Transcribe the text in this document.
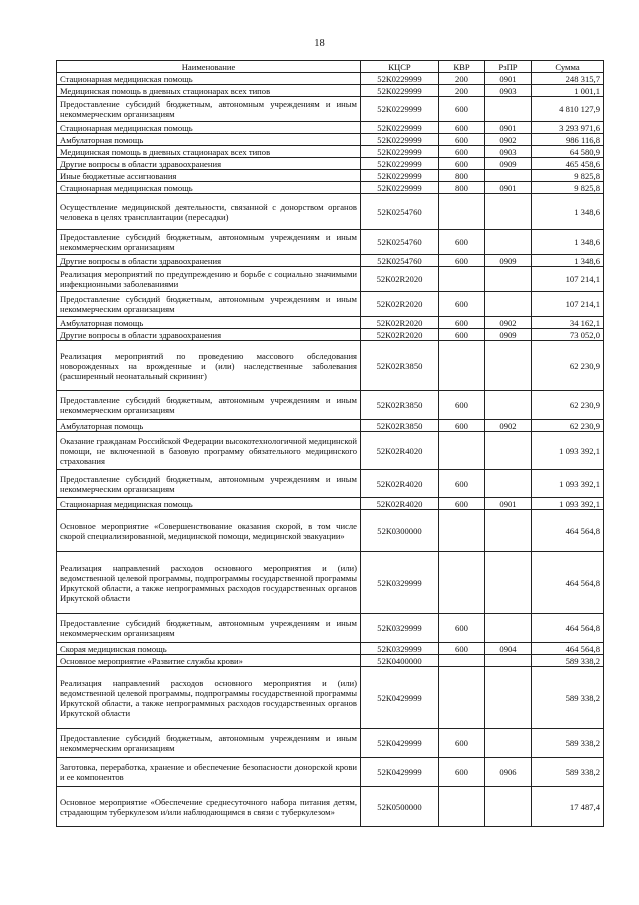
18
Наименование	КЦСР	КВР	РзПР	Сумма
Стационарная медицинская помощь	52К0229999	200	0901	248 315,7
Медицинская помощь в дневных стационарах всех типов	52К0229999	200	0903	1 001,1
Предоставление субсидий бюджетным, автономным учреждениям и иным некоммерческим организациям	52К0229999	600		4 810 127,9
Стационарная медицинская помощь	52К0229999	600	0901	3 293 971,6
Амбулаторная помощь	52К0229999	600	0902	986 116,8
Медицинская помощь в дневных стационарах всех типов	52К0229999	600	0903	64 580,9
Другие вопросы в области здравоохранения	52К0229999	600	0909	465 458,6
Иные бюджетные ассигнования	52К0229999	800		9 825,8
Стационарная медицинская помощь	52К0229999	800	0901	9 825,8
Осуществление медицинской деятельности, связанной с донорством органов человека в целях трансплантации (пересадки)	52К0254760			1 348,6
Предоставление субсидий бюджетным, автономным учреждениям и иным некоммерческим организациям	52К0254760	600		1 348,6
Другие вопросы в области здравоохранения	52К0254760	600	0909	1 348,6
Реализация мероприятий по предупреждению и борьбе с социально значимыми инфекционными заболеваниями	52К02R2020			107 214,1
Предоставление субсидий бюджетным, автономным учреждениям и иным некоммерческим организациям	52К02R2020	600		107 214,1
Амбулаторная помощь	52К02R2020	600	0902	34 162,1
Другие вопросы в области здравоохранения	52К02R2020	600	0909	73 052,0
Реализация мероприятий по проведению массового обследования новорожденных на врожденные и (или) наследственные заболевания (расширенный неонатальный скрининг)	52К02R3850			62 230,9
Предоставление субсидий бюджетным, автономным учреждениям и иным некоммерческим организациям	52К02R3850	600		62 230,9
Амбулаторная помощь	52К02R3850	600	0902	62 230,9
Оказание гражданам Российской Федерации высокотехнологичной медицинской помощи, не включенной в базовую программу обязательного медицинского страхования	52К02R4020			1 093 392,1
Предоставление субсидий бюджетным, автономным учреждениям и иным некоммерческим организациям	52К02R4020	600		1 093 392,1
Стационарная медицинская помощь	52К02R4020	600	0901	1 093 392,1
Основное мероприятие «Совершенствование оказания скорой, в том числе скорой специализированной, медицинской помощи, медицинской эвакуации»	52К0300000			464 564,8
Реализация направлений расходов основного мероприятия и (или) ведомственной целевой программы, подпрограммы государственной программы Иркутской области, а также непрограммных расходов государственных органов Иркутской области	52К0329999			464 564,8
Предоставление субсидий бюджетным, автономным учреждениям и иным некоммерческим организациям	52К0329999	600		464 564,8
Скорая медицинская помощь	52К0329999	600	0904	464 564,8
Основное мероприятие «Развитие службы крови»	52К0400000			589 338,2
Реализация направлений расходов основного мероприятия и (или) ведомственной целевой программы, подпрограммы государственной программы Иркутской области, а также непрограммных расходов государственных органов Иркутской области	52К0429999			589 338,2
Предоставление субсидий бюджетным, автономным учреждениям и иным некоммерческим организациям	52К0429999	600		589 338,2
Заготовка, переработка, хранение и обеспечение безопасности донорской крови и ее компонентов	52К0429999	600	0906	589 338,2
Основное мероприятие «Обеспечение среднесуточного набора питания детям, страдающим туберкулезом и/или наблюдающимся в связи с туберкулезом»	52К0500000			17 487,4
